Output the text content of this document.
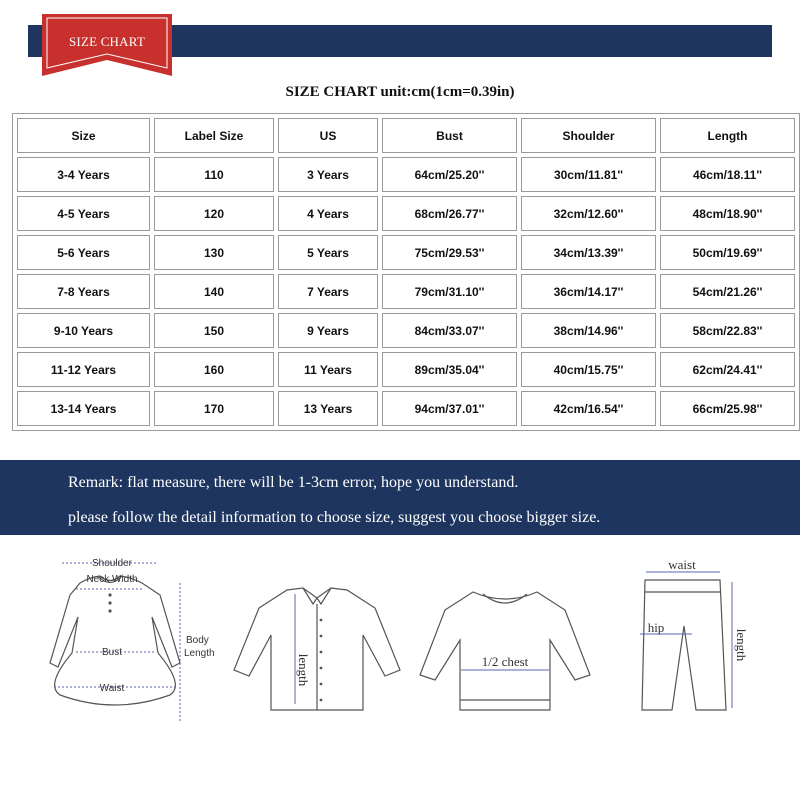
SIZE CHART
SIZE CHART unit:cm(1cm=0.39in)
Size	Label Size	US	Bust	Shoulder	Length
3-4 Years	110	3 Years	64cm/25.20''	30cm/11.81''	46cm/18.11''
4-5 Years	120	4 Years	68cm/26.77''	32cm/12.60''	48cm/18.90''
5-6 Years	130	5 Years	75cm/29.53''	34cm/13.39''	50cm/19.69''
7-8 Years	140	7 Years	79cm/31.10''	36cm/14.17''	54cm/21.26''
9-10 Years	150	9 Years	84cm/33.07''	38cm/14.96''	58cm/22.83''
11-12 Years	160	11 Years	89cm/35.04''	40cm/15.75''	62cm/24.41''
13-14 Years	170	13 Years	94cm/37.01''	42cm/16.54''	66cm/25.98''
Remark: flat measure, there will be 1-3cm error, hope you understand.
please follow the detail information to choose size, suggest you choose bigger size.
Shoulder
Neck Width
Bust
Waist
Body
Length
length	1/2 chest
waist
hip
length
